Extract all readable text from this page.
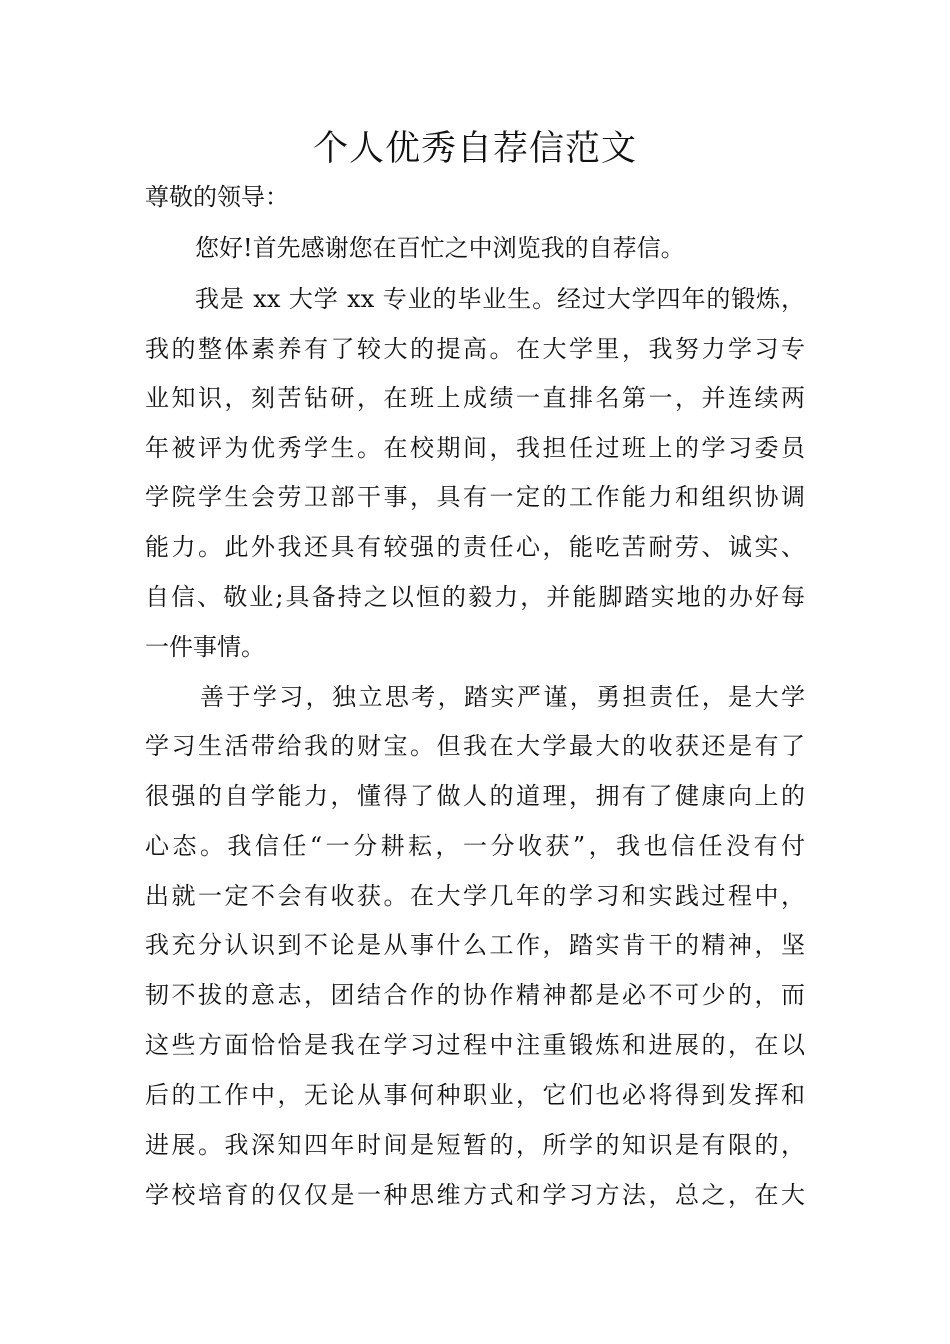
个人优秀自荐信范文

尊敬的领导：

您好!首先感谢您在百忙之中浏览我的自荐信。

我是 xx 大学 xx 专业的毕业生。经过大学四年的锻炼，

我的整体素养有了较大的提高。在大学里，我努力学习专

业知识，刻苦钻研，在班上成绩一直排名第一，并连续两

年被评为优秀学生。在校期间，我担任过班上的学习委员

学院学生会劳卫部干事，具有一定的工作能力和组织协调

能力。此外我还具有较强的责任心，能吃苦耐劳、诚实、

自信、敬业;具备持之以恒的毅力，并能脚踏实地的办好每

一件事情。

善于学习，独立思考，踏实严谨，勇担责任，是大学

学习生活带给我的财宝。但我在大学最大的收获还是有了

很强的自学能力，懂得了做人的道理，拥有了健康向上的

心态。我信任“一分耕耘，一分收获”，我也信任没有付

出就一定不会有收获。在大学几年的学习和实践过程中，

我充分认识到不论是从事什么工作，踏实肯干的精神，坚

韧不拔的意志，团结合作的协作精神都是必不可少的，而

这些方面恰恰是我在学习过程中注重锻炼和进展的，在以

后的工作中，无论从事何种职业，它们也必将得到发挥和

进展。我深知四年时间是短暂的，所学的知识是有限的，

学校培育的仅仅是一种思维方式和学习方法，总之，在大
